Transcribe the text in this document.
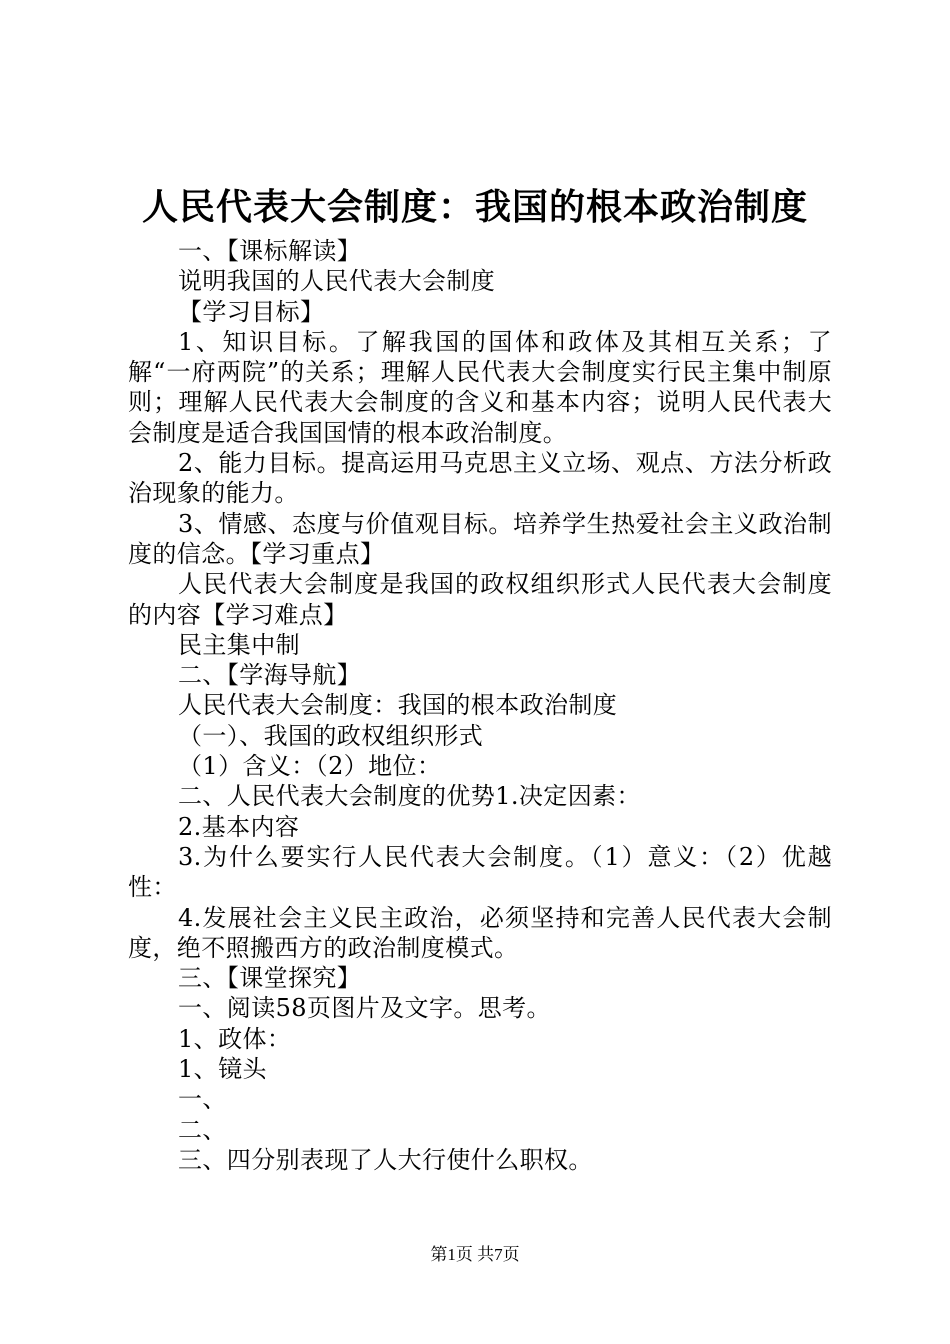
人民代表大会制度：我国的根本政治制度

一、【课标解读】

说明我国的人民代表大会制度

【学习目标】

1、知识目标。了解我国的国体和政体及其相互关系；了解“一府两院”的关系；理解人民代表大会制度实行民主集中制原则；理解人民代表大会制度的含义和基本内容；说明人民代表大会制度是适合我国国情的根本政治制度。

2、能力目标。提高运用马克思主义立场、观点、方法分析政治现象的能力。

3、情感、态度与价值观目标。培养学生热爱社会主义政治制度的信念。【学习重点】

人民代表大会制度是我国的政权组织形式人民代表大会制度的内容【学习难点】

民主集中制

二、【学海导航】

人民代表大会制度：我国的根本政治制度

（一）、我国的政权组织形式

（1）含义：（2）地位：

二、人民代表大会制度的优势1.决定因素：

2.基本内容

3.为什么要实行人民代表大会制度。（1）意义：（2）优越性：

4.发展社会主义民主政治，必须坚持和完善人民代表大会制度，绝不照搬西方的政治制度模式。

三、【课堂探究】

一、阅读58页图片及文字。思考。

1、政体：

1、镜头

一、

二、

三、四分别表现了人大行使什么职权。

第1页 共7页
